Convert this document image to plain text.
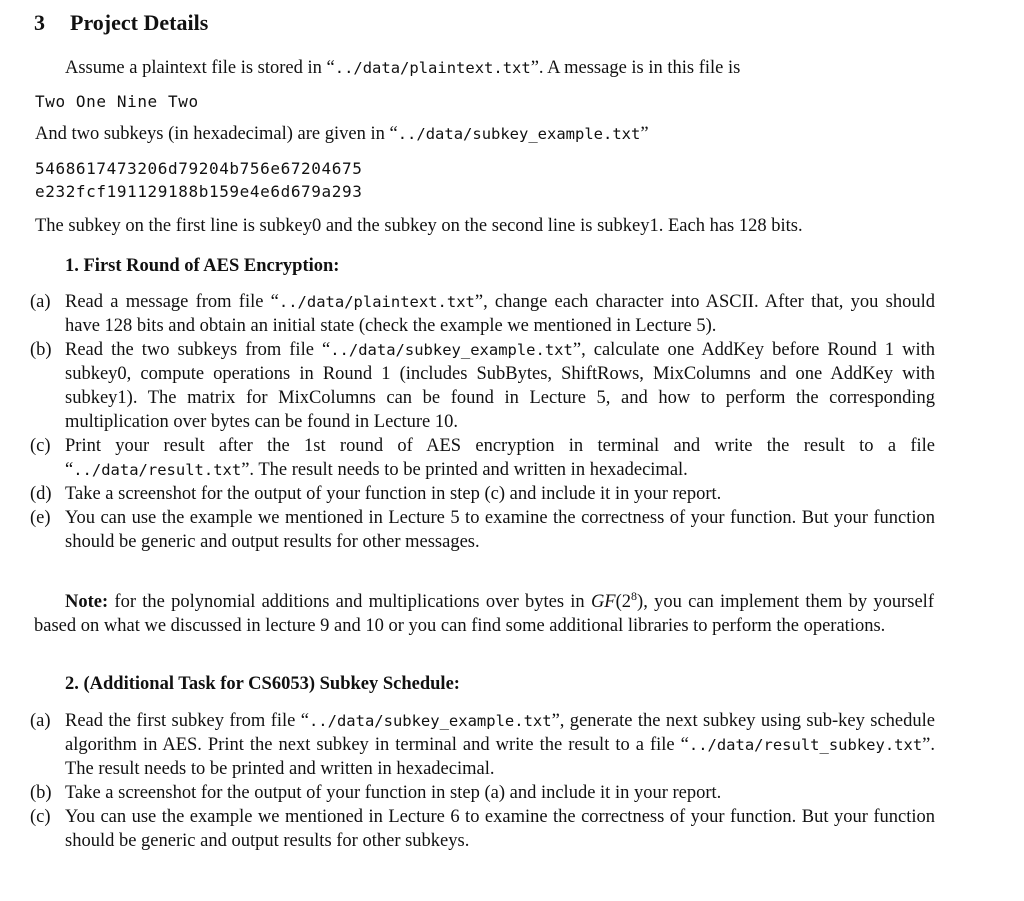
3 Project Details
Assume a plaintext file is stored in “../data/plaintext.txt”. A message is in this file is
Two One Nine Two
And two subkeys (in hexadecimal) are given in “../data/subkey_example.txt”
5468617473206d79204b756e67204675
e232fcf191129188b159e4e6d679a293
The subkey on the first line is subkey0 and the subkey on the second line is subkey1. Each has 128 bits.
1. First Round of AES Encryption:
(a) Read a message from file “../data/plaintext.txt”, change each character into ASCII. After that, you should have 128 bits and obtain an initial state (check the example we mentioned in Lecture 5).
(b) Read the two subkeys from file “../data/subkey_example.txt”, calculate one AddKey before Round 1 with subkey0, compute operations in Round 1 (includes SubBytes, ShiftRows, MixColumns and one AddKey with subkey1). The matrix for MixColumns can be found in Lecture 5, and how to perform the corresponding multiplication over bytes can be found in Lecture 10.
(c) Print your result after the 1st round of AES encryption in terminal and write the result to a file “../data/result.txt”. The result needs to be printed and written in hexadecimal.
(d) Take a screenshot for the output of your function in step (c) and include it in your report.
(e) You can use the example we mentioned in Lecture 5 to examine the correctness of your function. But your function should be generic and output results for other messages.
Note: for the polynomial additions and multiplications over bytes in $GF(2^8)$, you can implement them by yourself based on what we discussed in lecture 9 and 10 or you can find some additional libraries to perform the operations.
2. (Additional Task for CS6053) Subkey Schedule:
(a) Read the first subkey from file “../data/subkey_example.txt”, generate the next subkey using sub-key schedule algorithm in AES. Print the next subkey in terminal and write the result to a file “../data/result_subkey.txt”. The result needs to be printed and written in hexadecimal.
(b) Take a screenshot for the output of your function in step (a) and include it in your report.
(c) You can use the example we mentioned in Lecture 6 to examine the correctness of your function. But your function should be generic and output results for other subkeys.
